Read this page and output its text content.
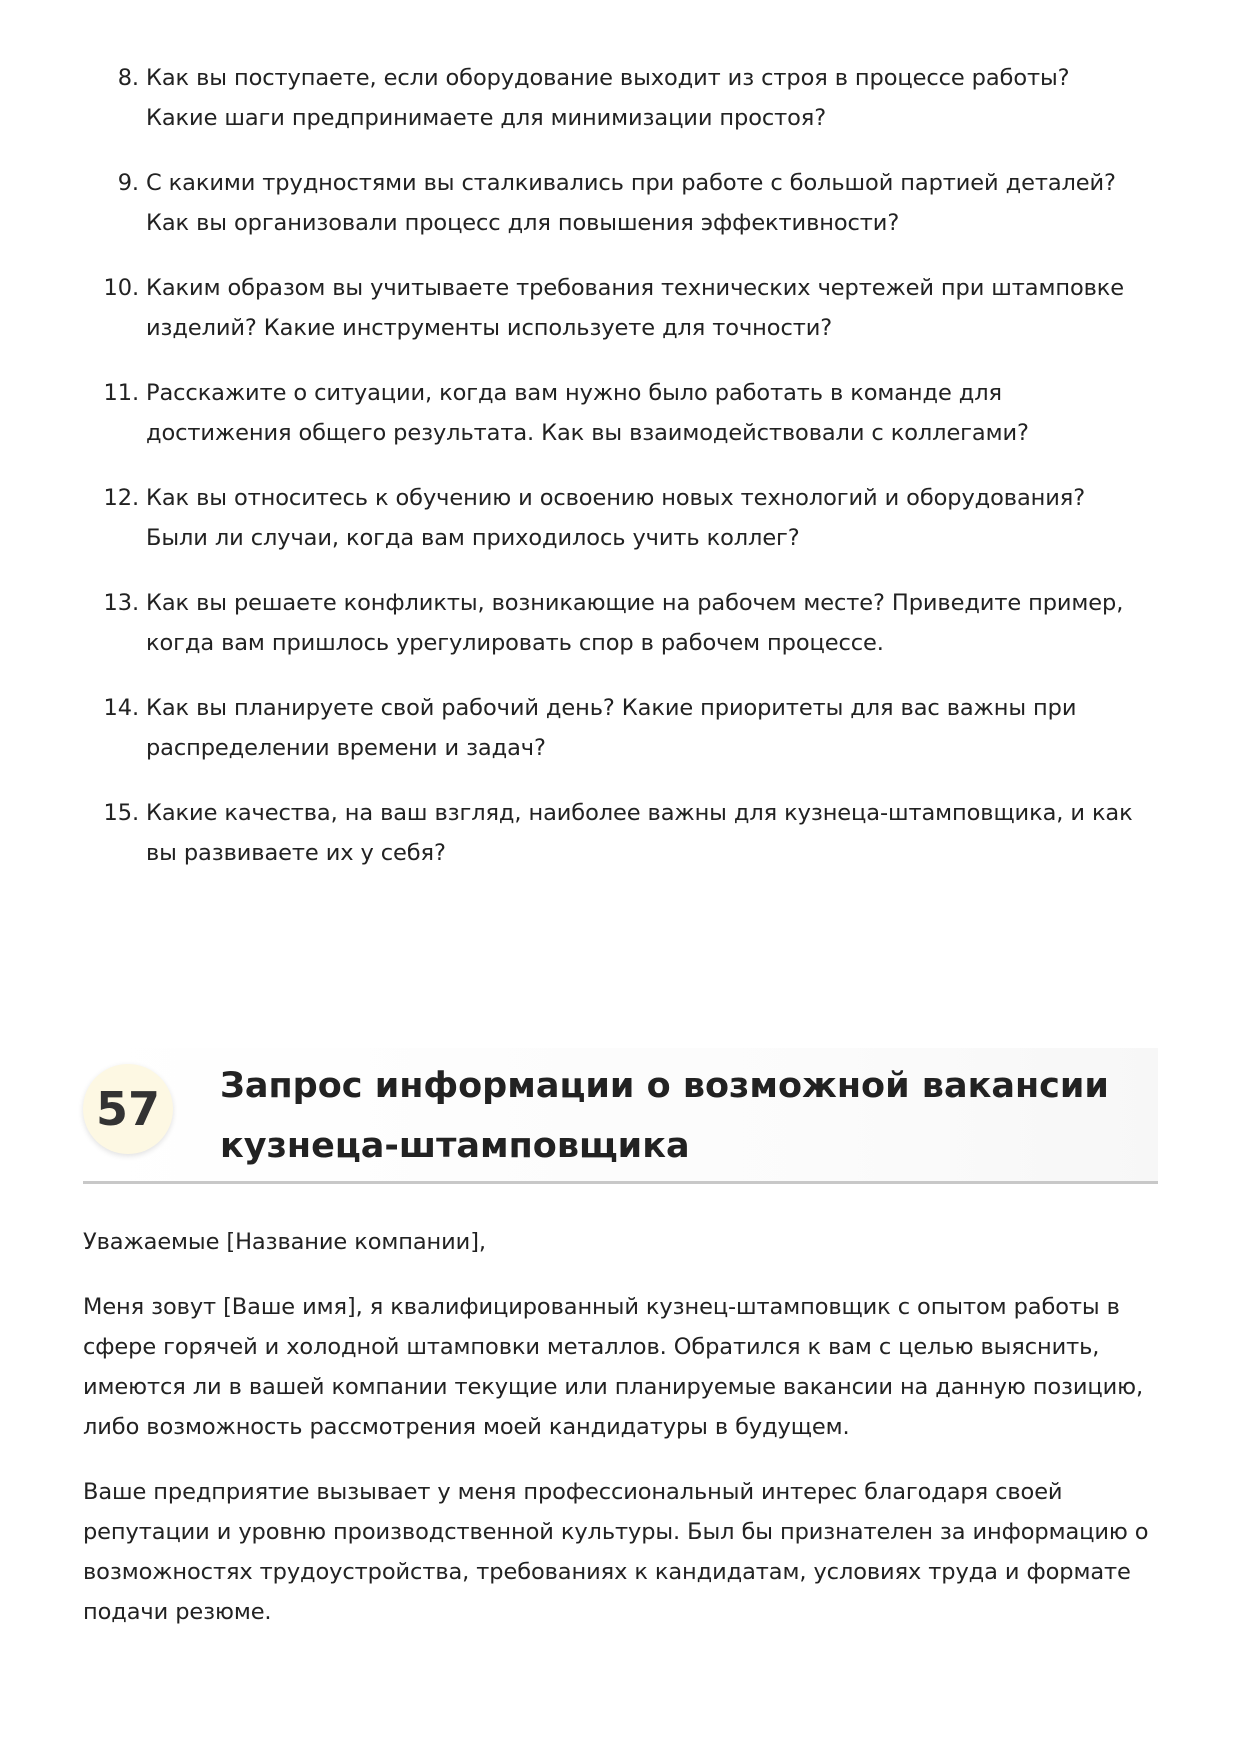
8. Как вы поступаете, если оборудование выходит из строя в процессе работы? Какие шаги предпринимаете для минимизации простоя?
9. С какими трудностями вы сталкивались при работе с большой партией деталей? Как вы организовали процесс для повышения эффективности?
10. Каким образом вы учитываете требования технических чертежей при штамповке изделий? Какие инструменты используете для точности?
11. Расскажите о ситуации, когда вам нужно было работать в команде для достижения общего результата. Как вы взаимодействовали с коллегами?
12. Как вы относитесь к обучению и освоению новых технологий и оборудования? Были ли случаи, когда вам приходилось учить коллег?
13. Как вы решаете конфликты, возникающие на рабочем месте? Приведите пример, когда вам пришлось урегулировать спор в рабочем процессе.
14. Как вы планируете свой рабочий день? Какие приоритеты для вас важны при распределении времени и задач?
15. Какие качества, на ваш взгляд, наиболее важны для кузнеца-штамповщика, и как вы развиваете их у себя?
57	Запрос информации о возможной вакансии кузнеца-штамповщика

Уважаемые [Название компании],

Меня зовут [Ваше имя], я квалифицированный кузнец-штамповщик с опытом работы в сфере горячей и холодной штамповки металлов. Обратился к вам с целью выяснить, имеются ли в вашей компании текущие или планируемые вакансии на данную позицию, либо возможность рассмотрения моей кандидатуры в будущем.

Ваше предприятие вызывает у меня профессиональный интерес благодаря своей репутации и уровню производственной культуры. Был бы признателен за информацию о возможностях трудоустройства, требованиях к кандидатам, условиях труда и формате подачи резюме.
